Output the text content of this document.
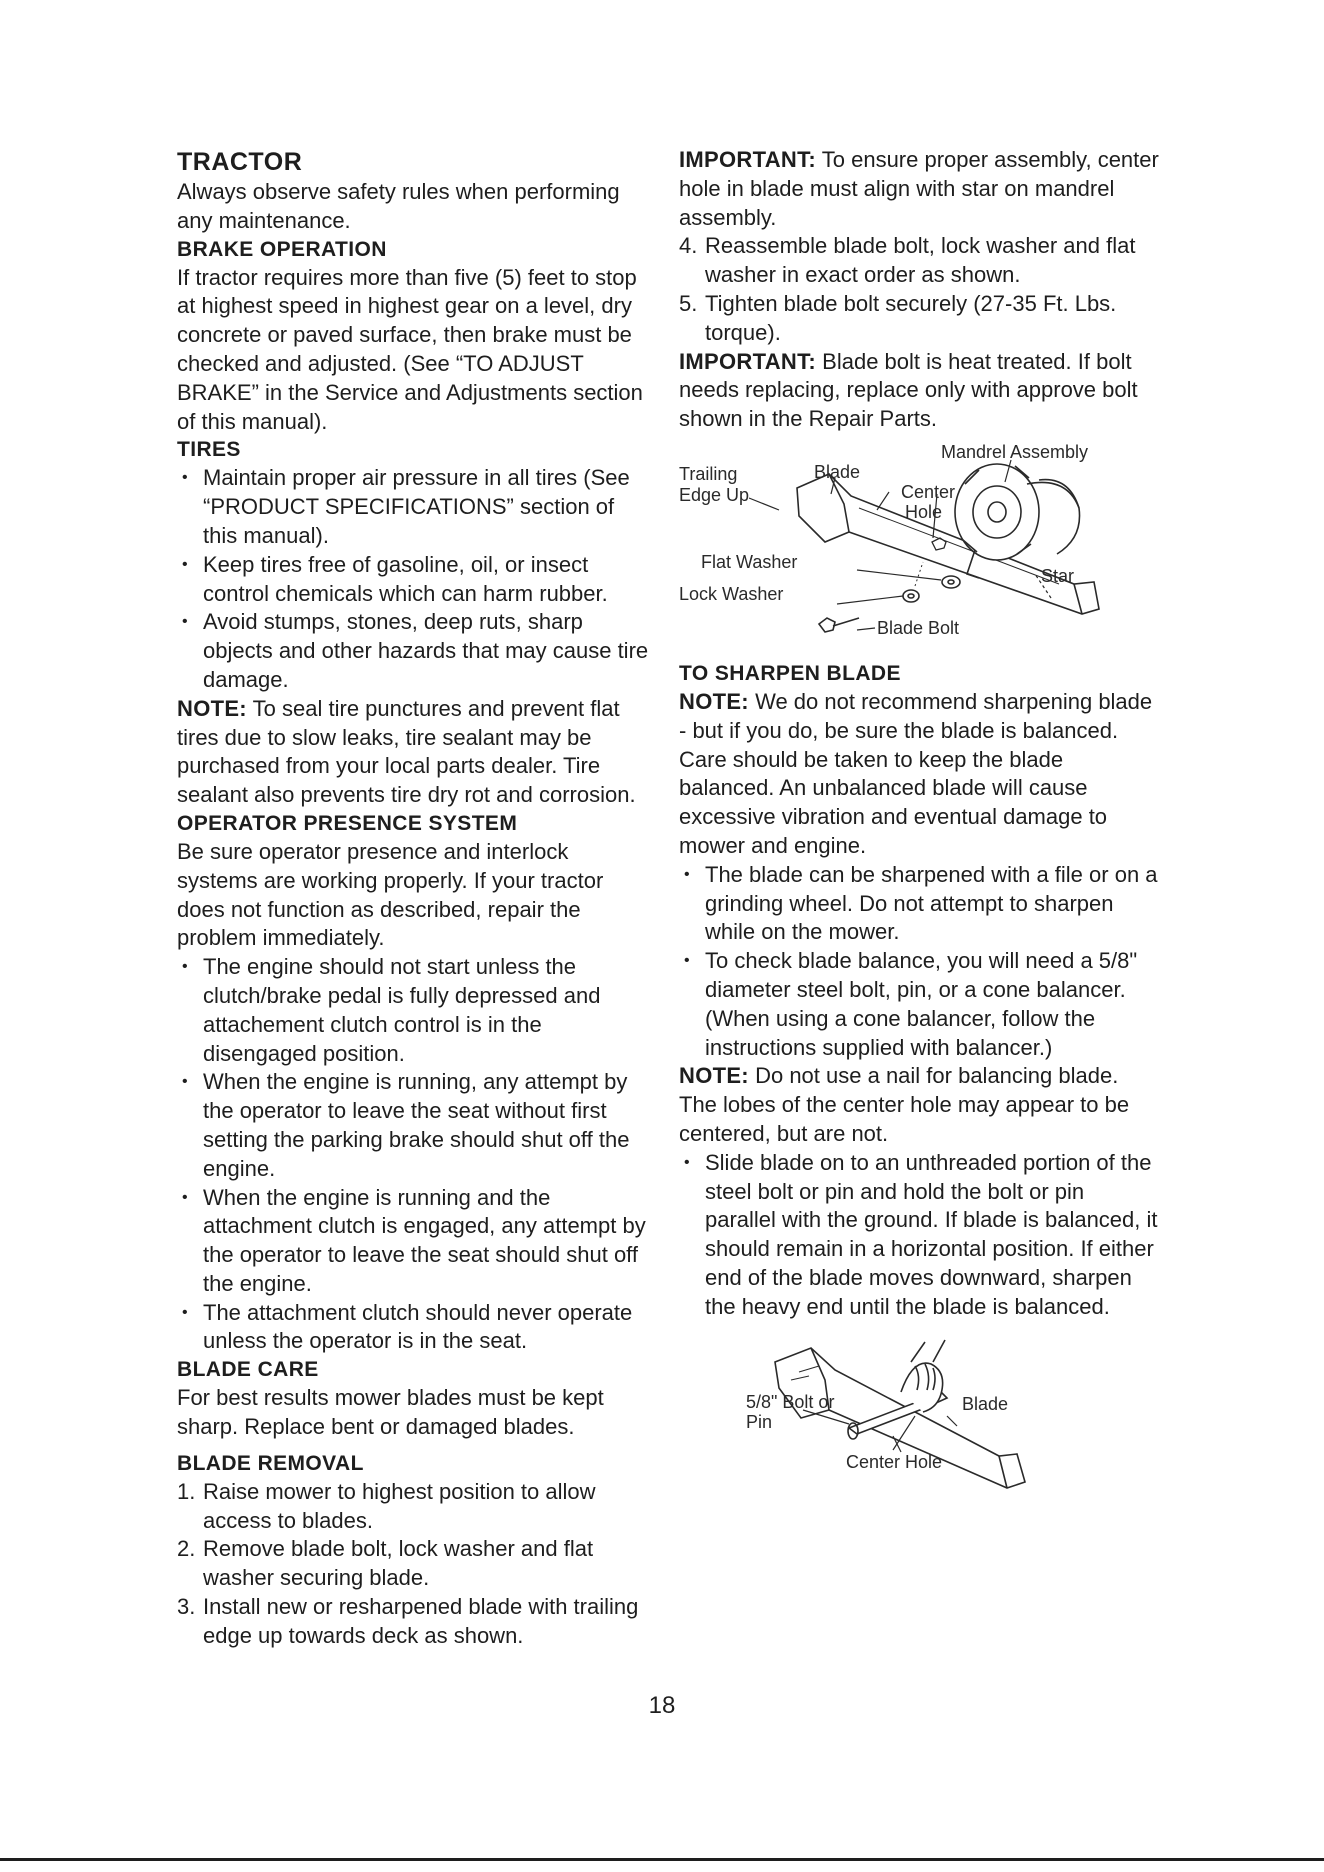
TRACTOR

Always observe safety rules when performing any maintenance.

BRAKE OPERATION

If tractor requires more than five (5) feet to stop at highest speed in highest gear on a level, dry concrete or paved surface, then brake must be checked and adjusted. (See “TO ADJUST BRAKE” in the Service and Adjustments section of this manual).

TIRES
• Maintain proper air pressure in all tires (See “PRODUCT SPECIFICATIONS” section of this manual).
• Keep tires free of gasoline, oil, or insect control chemicals which can harm rubber.
• Avoid stumps, stones, deep ruts, sharp objects and other hazards that may cause tire damage.

NOTE: To seal tire punctures and prevent flat tires due to slow leaks, tire sealant may be purchased from your local parts dealer. Tire sealant also prevents tire dry rot and corrosion.

OPERATOR PRESENCE SYSTEM

Be sure operator presence and interlock systems are working properly. If your tractor does not function as described, repair the problem immediately.

• The engine should not start unless the clutch/brake pedal is fully depressed and attachement clutch control is in the disengaged position.
• When the engine is running, any attempt by the operator to leave the seat without first setting the parking brake should shut off the engine.
• When the engine is running and the attachment clutch is engaged, any attempt by the operator to leave the seat should shut off the engine.
• The attachment clutch should never operate unless the operator is in the seat.
BLADE CARE

For best results mower blades must be kept sharp. Replace bent or damaged blades.

BLADE REMOVAL
1. Raise mower to highest position to allow access to blades.
2. Remove blade bolt, lock washer and flat washer securing blade.
3. Install new or resharpened blade with trailing edge up towards deck as shown.

IMPORTANT: To ensure proper assembly, center hole in blade must align with star on mandrel assembly.

4. Reassemble blade bolt, lock washer and flat washer in exact order as shown.
5. Tighten blade bolt securely (27-35 Ft. Lbs. torque).

IMPORTANT: Blade bolt is heat treated. If bolt needs replacing, replace only with approve bolt shown in the Repair Parts.

Mandrel Assembly
Trailing
Edge Up
Blade
Center
Hole
Flat Washer
Lock Washer
Star
Blade Bolt
TO SHARPEN BLADE

NOTE: We do not recommend sharpening blade - but if you do, be sure the blade is balanced.

Care should be taken to keep the blade balanced. An unbalanced blade will cause excessive vibration and eventual damage to mower and engine.

• The blade can be sharpened with a file or on a grinding wheel. Do not attempt to sharpen while on the mower.
• To check blade balance, you will need a 5/8" diameter steel bolt, pin, or a cone balancer. (When using a cone balancer, follow the instructions supplied with balancer.)

NOTE: Do not use a nail for balancing blade. The lobes of the center hole may appear to be centered, but are not.

• Slide blade on to an unthreaded portion of the steel bolt or pin and hold the bolt or pin parallel with the ground. If blade is balanced, it should remain in a horizontal position. If either end of the blade moves downward, sharpen the heavy end until the blade is balanced.
5/8" Bolt or
Pin
Blade
Center Hole
18
